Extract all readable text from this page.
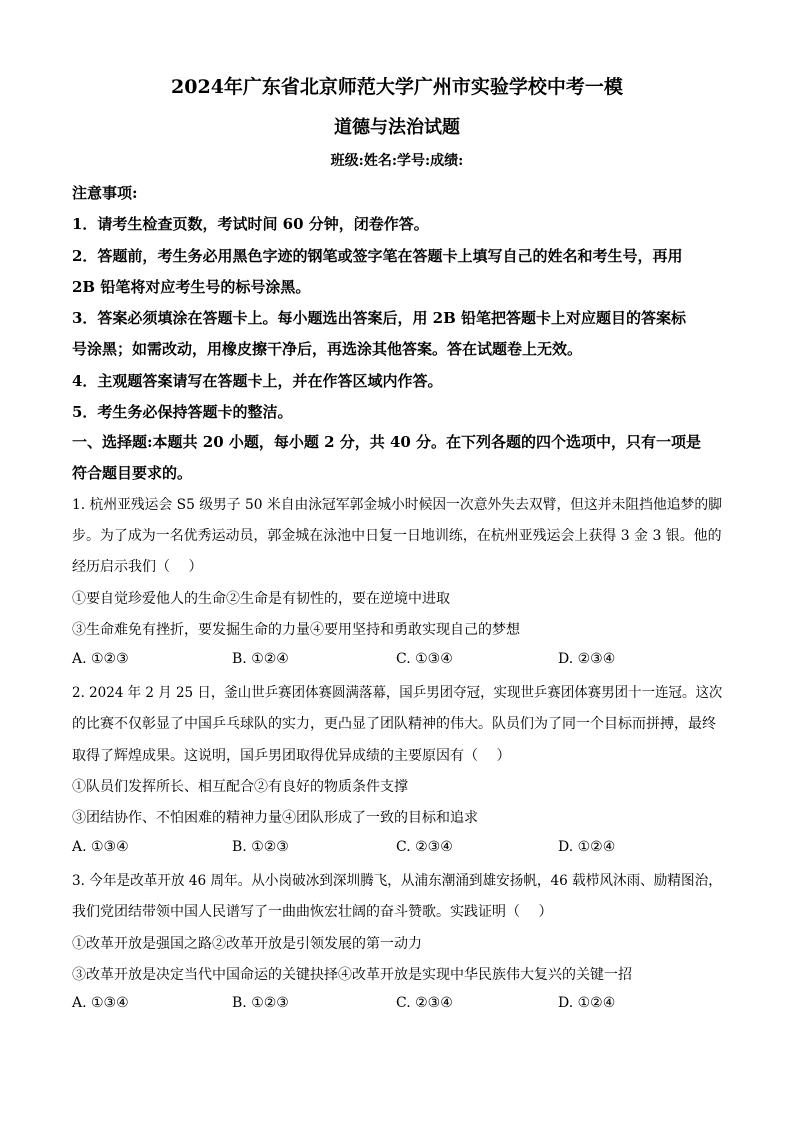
2024年广东省北京师范大学广州市实验学校中考一模
道德与法治试题
班级:姓名:学号:成绩:
注意事项:
1．请考生检查页数，考试时间 60 分钟，闭卷作答。
2．答题前，考生务必用黑色字迹的钢笔或签字笔在答题卡上填写自己的姓名和考生号，再用
2B 铅笔将对应考生号的标号涂黑。
3．答案必须填涂在答题卡上。每小题选出答案后，用 2B 铅笔把答题卡上对应题目的答案标
号涂黑；如需改动，用橡皮擦干净后，再选涂其他答案。答在试题卷上无效。
4．主观题答案请写在答题卡上，并在作答区域内作答。
5．考生务必保持答题卡的整洁。
一、选择题:本题共 20 小题，每小题 2 分，共 40 分。在下列各题的四个选项中，只有一项是
符合题目要求的。
1. 杭州亚残运会 S5 级男子 50 米自由泳冠军郭金城小时候因一次意外失去双臂，但这并未阻挡他追梦的脚
步。为了成为一名优秀运动员，郭金城在泳池中日复一日地训练，在杭州亚残运会上获得 3 金 3 银。他的
经历启示我们（　 ）
①要自觉珍爱他人的生命②生命是有韧性的，要在逆境中进取
③生命难免有挫折，要发掘生命的力量④要用坚持和勇敢实现自己的梦想
A. ①②③	B. ①②④	C. ①③④	D. ②③④
2. 2024 年 2 月 25 日，釜山世乒赛团体赛圆满落幕，国乒男团夺冠，实现世乒赛团体赛男团十一连冠。这次
的比赛不仅彰显了中国乒乓球队的实力，更凸显了团队精神的伟大。队员们为了同一个目标而拼搏，最终
取得了辉煌成果。这说明，国乒男团取得优异成绩的主要原因有（　 ）
①队员们发挥所长、相互配合②有良好的物质条件支撑
③团结协作、不怕困难的精神力量④团队形成了一致的目标和追求
A. ①③④	B. ①②③	C. ②③④	D. ①②④
3. 今年是改革开放 46 周年。从小岗破冰到深圳腾飞，从浦东潮涌到雄安扬帆，46 载栉风沐雨、励精图治，
我们党团结带领中国人民谱写了一曲曲恢宏壮阔的奋斗赞歌。实践证明（　 ）
①改革开放是强国之路②改革开放是引领发展的第一动力
③改革开放是决定当代中国命运的关键抉择④改革开放是实现中华民族伟大复兴的关键一招
A. ①③④	B. ①②③	C. ②③④	D. ①②④
